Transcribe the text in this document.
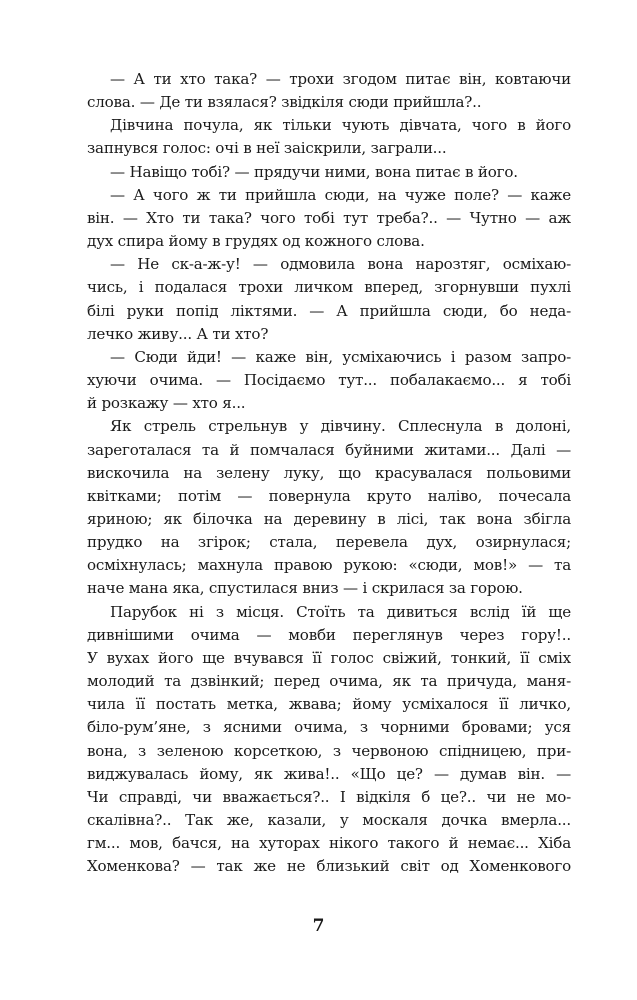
— А ти хто така? — трохи згодом питає він, ковтаючи
слова. — Де ти взялася? звідкіля сюди прийшла?..

Дівчина почула, як тільки чують дівчата, чого в його
запнувся голос: очі в неї заіскрили, заграли...

— Навіщо тобі? — прядучи ними, вона питає в його.

— А чого ж ти прийшла сюди, на чуже поле? — каже
він. — Хто ти така? чого тобі тут треба?.. — Чутно — аж
дух спира йому в грудях од кожного слова.

— Не ск-а-ж-у! — одмовила вона нарозтяг, осміхаю-
чись, і подалася трохи личком вперед, згорнувши пухлі
білі руки попід ліктями. — А прийшла сюди, бо неда-
лечко живу... А ти хто?

— Сюди йди! — каже він, усміхаючись і разом запро-
хуючи очима. — Посідаємо тут... побалакаємо... я тобі
й розкажу — хто я...

Як стрель стрельнув у дівчину. Сплеснула в долоні,
зареготалася та й помчалася буйними житами... Далі —
вискочила на зелену луку, що красувалася польовими
квітками; потім — повернула круто наліво, почесала
яриною; як білочка на деревину в лісі, так вона збігла
прудко на згірок; стала, перевела дух, озирнулася;
осміхнулась; махнула правою рукою: «сюди, мов!» — та
наче мана яка, спустилася вниз — і скрилася за горою.

Парубок ні з місця. Стоїть та дивиться вслід їй ще
дивнішими очима — мовби переглянув через гору!..
У вухах його ще вчувався її голос свіжий, тонкий, її сміх
молодий та дзвінкий; перед очима, як та причуда, маня-
чила її постать метка, жвава; йому усміхалося її личко,
біло-рум’яне, з ясними очима, з чорними бровами; уся
вона, з зеленою корсеткою, з червоною спідницею, при-
виджувалась йому, як жива!.. «Що це? — думав він. —
Чи справді, чи вважається?.. І відкіля б це?.. чи не мо-
скалівна?.. Так же, казали, у москаля дочка вмерла...
гм... мов, бачся, на хуторах нікого такого й немає... Хіба
Хоменкова? — так же не близький світ од Хоменкового

7
